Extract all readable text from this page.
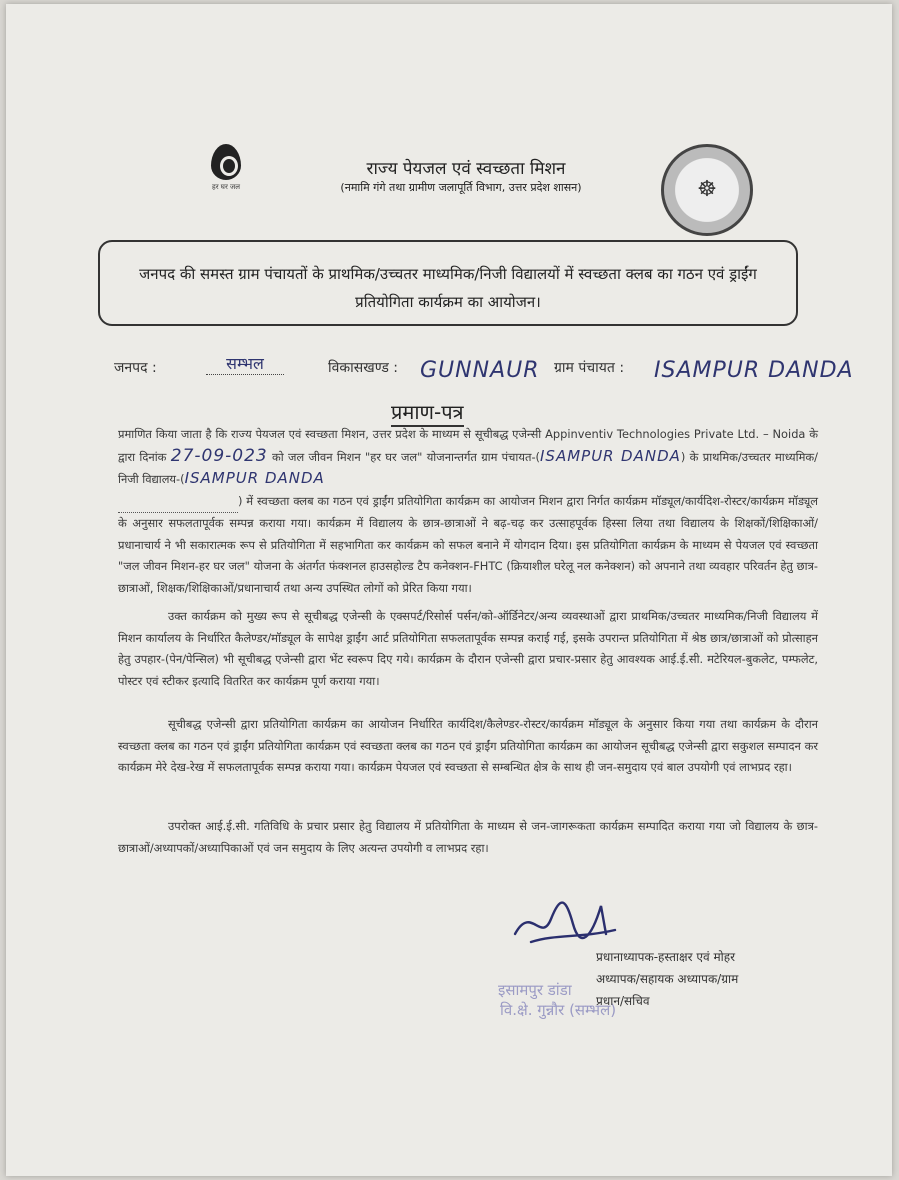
हर घर जल
राज्य पेयजल एवं स्वच्छता मिशन
(नमामि गंगे तथा ग्रामीण जलापूर्ति विभाग, उत्तर प्रदेश शासन)	☸
जनपद की समस्त ग्राम पंचायतों के प्राथमिक/उच्चतर माध्यमिक/निजी विद्यालयों में स्वच्छता क्लब का गठन एवं ड्राईंग प्रतियोगिता कार्यक्रम का आयोजन।
जनपद :	सम्भल	विकासखण्ड : GUNNAUR ग्राम पंचायत : ISAMPUR DANDA
प्रमाण-पत्र
प्रमाणित किया जाता है कि राज्य पेयजल एवं स्वच्छता मिशन, उत्तर प्रदेश के माध्यम से सूचीबद्ध एजेन्सी Appinventiv Technologies Private Ltd. – Noida के द्वारा दिनांक 27-09-023 को जल जीवन मिशन "हर घर जल" योजनान्तर्गत ग्राम पंचायत-(ISAMPUR DANDA) के प्राथमिक/उच्चतर माध्यमिक/निजी विद्यालय-(ISAMPUR DANDA
) में स्वच्छता क्लब का गठन एवं ड्राईंग प्रतियोगिता कार्यक्रम का आयोजन मिशन द्वारा निर्गत कार्यक्रम मॉड्यूल/कार्यदिश-रोस्टर/कार्यक्रम मॉड्यूल के अनुसार सफलतापूर्वक सम्पन्न कराया गया। कार्यक्रम में विद्यालय के छात्र-छात्राओं ने बढ़-चढ़ कर उत्साहपूर्वक हिस्सा लिया तथा विद्यालय के शिक्षकों/शिक्षिकाओं/प्रधानाचार्य ने भी सकारात्मक रूप से प्रतियोगिता में सहभागिता कर कार्यक्रम को सफल बनाने में योगदान दिया। इस प्रतियोगिता कार्यक्रम के माध्यम से पेयजल एवं स्वच्छता "जल जीवन मिशन-हर घर जल" योजना के अंतर्गत फंक्शनल हाउसहोल्ड टैप कनेक्शन-FHTC (क्रियाशील घरेलू नल कनेक्शन) को अपनाने तथा व्यवहार परिवर्तन हेतु छात्र-छात्राओं, शिक्षक/शिक्षिकाओं/प्रधानाचार्य तथा अन्य उपस्थित लोगों को प्रेरित किया गया।
उक्त कार्यक्रम को मुख्य रूप से सूचीबद्ध एजेन्सी के एक्सपर्ट/रिसोर्स पर्सन/को-ऑर्डिनेटर/अन्य व्यवस्थाओं द्वारा प्राथमिक/उच्चतर माध्यमिक/निजी विद्यालय में मिशन कार्यालय के निर्धारित कैलेण्डर/मॉड्यूल के सापेक्ष ड्राईंग आर्ट प्रतियोगिता सफलतापूर्वक सम्पन्न कराई गई, इसके उपरान्त प्रतियोगिता में श्रेष्ठ छात्र/छात्राओं को प्रोत्साहन हेतु उपहार-(पेन/पेन्सिल) भी सूचीबद्ध एजेन्सी द्वारा भेंट स्वरूप दिए गये। कार्यक्रम के दौरान एजेन्सी द्वारा प्रचार-प्रसार हेतु आवश्यक आई.ई.सी. मटेरियल-बुकलेट, पम्फलेट, पोस्टर एवं स्टीकर इत्यादि वितरित कर कार्यक्रम पूर्ण कराया गया।
सूचीबद्ध एजेन्सी द्वारा प्रतियोगिता कार्यक्रम का आयोजन निर्धारित कार्यदिश/कैलेण्डर-रोस्टर/कार्यक्रम मॉड्यूल के अनुसार किया गया तथा कार्यक्रम के दौरान स्वच्छता क्लब का गठन एवं ड्राईंग प्रतियोगिता कार्यक्रम एवं स्वच्छता क्लब का गठन एवं ड्राईंग प्रतियोगिता कार्यक्रम का आयोजन सूचीबद्ध एजेन्सी द्वारा सकुशल सम्पादन कर कार्यक्रम मेरे देख-रेख में सफलतापूर्वक सम्पन्न कराया गया। कार्यक्रम पेयजल एवं स्वच्छता से सम्बन्धित क्षेत्र के साथ ही जन-समुदाय एवं बाल उपयोगी एवं लाभप्रद रहा।
उपरोक्त आई.ई.सी. गतिविधि के प्रचार प्रसार हेतु विद्यालय में प्रतियोगिता के माध्यम से जन-जागरूकता कार्यक्रम सम्पादित कराया गया जो विद्यालय के छात्र-छात्राओं/अध्यापकों/अध्यापिकाओं एवं जन समुदाय के लिए अत्यन्त उपयोगी व लाभप्रद रहा।
इसामपुर डांडा
वि.क्षे. गुन्नौर (सम्भल)
प्रधानाध्यापक-हस्ताक्षर एवं मोहर
अध्यापक/सहायक अध्यापक/ग्राम
प्रधान/सचिव
